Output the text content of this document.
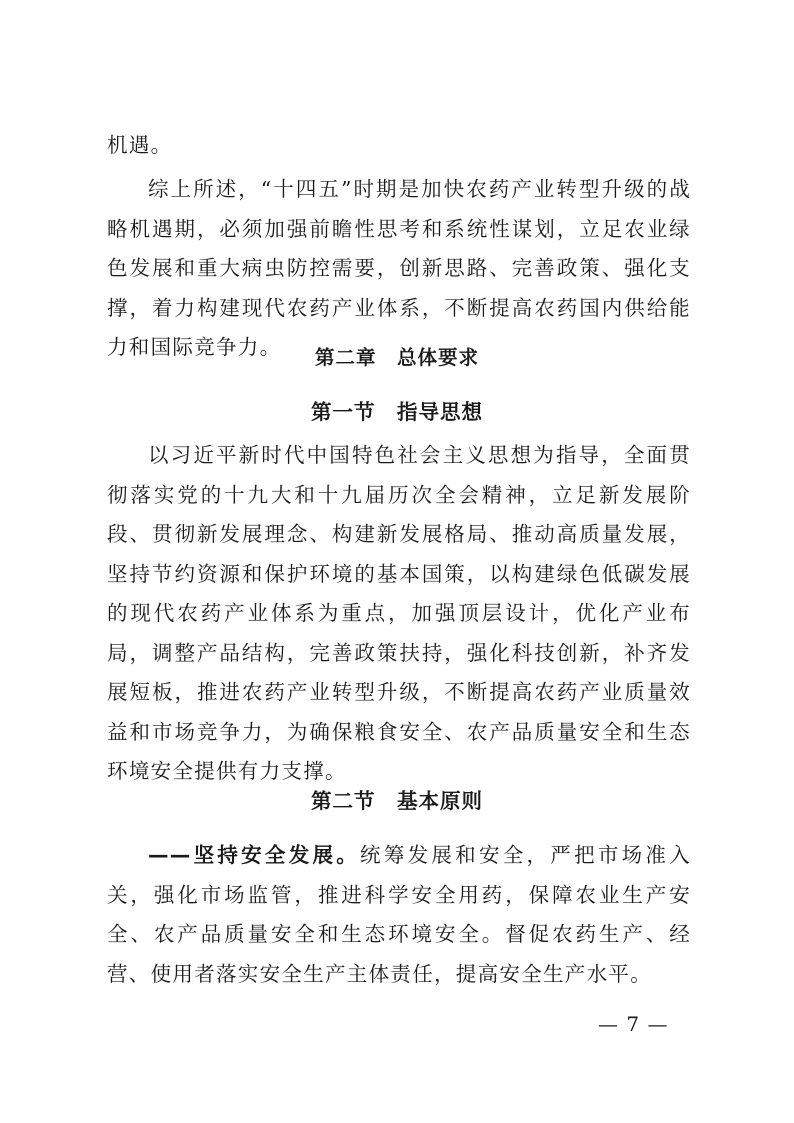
机遇。

综上所述，“十四五”时期是加快农药产业转型升级的战略机遇期，必须加强前瞻性思考和系统性谋划，立足农业绿色发展和重大病虫防控需要，创新思路、完善政策、强化支撑，着力构建现代农药产业体系，不断提高农药国内供给能力和国际竞争力。	第二章　总体要求
第一节　指导思想

以习近平新时代中国特色社会主义思想为指导，全面贯彻落实党的十九大和十九届历次全会精神，立足新发展阶段、贯彻新发展理念、构建新发展格局、推动高质量发展，坚持节约资源和保护环境的基本国策，以构建绿色低碳发展的现代农药产业体系为重点，加强顶层设计，优化产业布局，调整产品结构，完善政策扶持，强化科技创新，补齐发展短板，推进农药产业转型升级，不断提高农药产业质量效益和市场竞争力，为确保粮食安全、农产品质量安全和生态环境安全提供有力支撑。

第二节　基本原则

——坚持安全发展。统筹发展和安全，严把市场准入关，强化市场监管，推进科学安全用药，保障农业生产安全、农产品质量安全和生态环境安全。督促农药生产、经营、使用者落实安全生产主体责任，提高安全生产水平。

— 7 —
